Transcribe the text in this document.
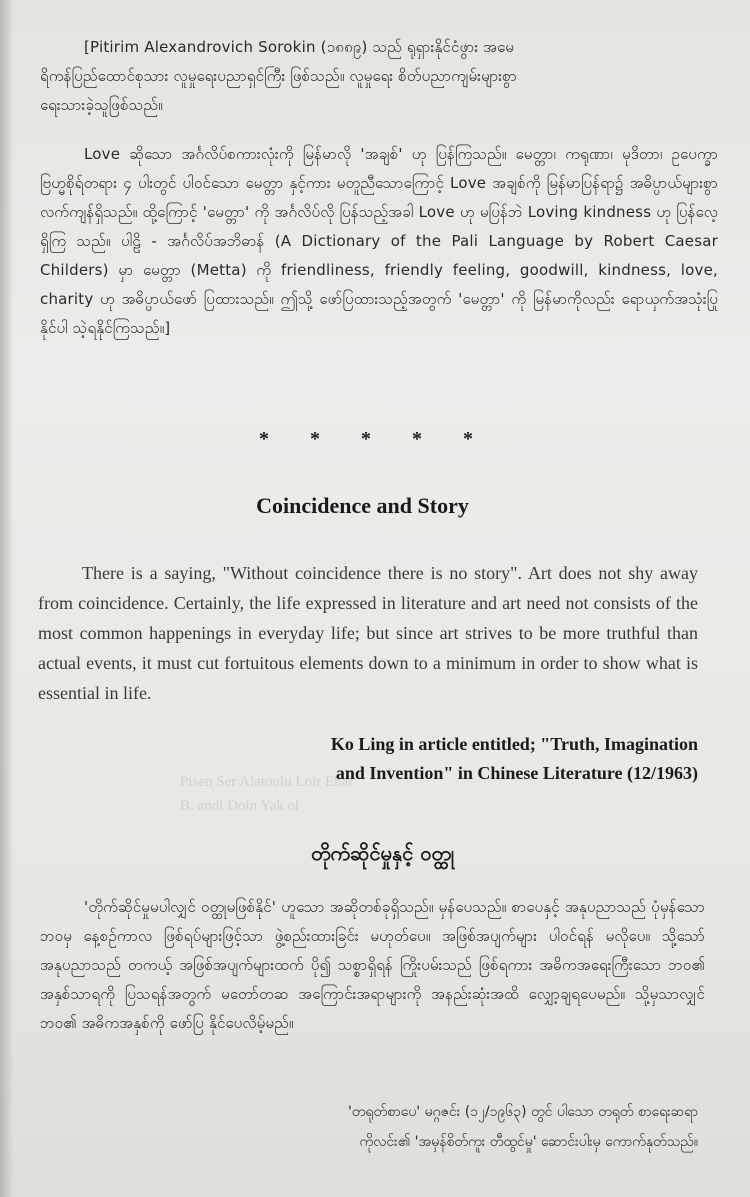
Pisen Ser Alatoulu Loir Ehar
B. andl Doin Yak ol
[Pitirim Alexandrovich Sorokin (၁၈၈၉) သည် ရုရှားနိုင်ငံဖွား အမေ
ရိကန်ပြည်ထောင်စုသား လူမှုရေးပညာရှင်ကြီး ဖြစ်သည်။ လူမှုရေး စိတ်ပညာကျမ်းများစွာ
ရေးသားခဲ့သူဖြစ်သည်။
Love ဆိုသော အင်္ဂလိပ်စကားလုံးကို မြန်မာလို 'အချစ်' ဟု ပြန်ကြသည်။ မေတ္တာ၊ ကရုဏာ၊ မုဒိတာ၊ ဥပေက္ခာ ဗြဟ္မစိုရ်တရား ၄ ပါးတွင် ပါဝင်သော မေတ္တာ နှင့်ကား မတူညီသောကြောင့် Love အချစ်ကို မြန်မာပြန်ရာ၌ အဓိပ္ပာယ်များစွာ လက်ကျန်ရှိသည်။ ထို့ကြောင့် 'မေတ္တာ' ကို အင်္ဂလိပ်လို ပြန်သည့်အခါ Love ဟု မပြန်ဘဲ Loving kindness ဟု ပြန်လေ့ရှိကြ သည်။ ပါဠိ - အင်္ဂလိပ်အဘိဓာန် (A Dictionary of the Pali Language by Robert Caesar Childers) မှာ မေတ္တာ (Metta) ကို friendliness, friendly feeling, goodwill, kindness, love, charity ဟု အဓိပ္ပာယ်ဖော် ပြထားသည်။ ဤသို့ ဖော်ပြထားသည့်အတွက် 'မေတ္တာ' ကို မြန်မာကိုလည်း ရောယှက်အသုံးပြုနိုင်ပါ သဲ့ရနိုင်ကြသည်။]
* * * * *
Coincidence and Story
There is a saying, "Without coincidence there is no story". Art does not shy away from coincidence. Certainly, the life expressed in literature and art need not consists of the most common happenings in everyday life; but since art strives to be more truthful than actual events, it must cut fortuitous elements down to a minimum in order to show what is essential in life.
Ko Ling in article entitled; "Truth, Imagination
and Invention" in Chinese Literature (12/1963)
တိုက်ဆိုင်မှုနှင့် ဝတ္ထု
'တိုက်ဆိုင်မှုမပါလျှင် ဝတ္ထုမဖြစ်နိုင်' ဟူသော အဆိုတစ်ခုရှိသည်။ မှန်ပေသည်။ စာပေနှင့် အနုပညာသည် ပုံမှန်သော ဘဝမှ နေ့စဉ်ကာလ ဖြစ်ရပ်များဖြင့်သာ ဖွဲ့စည်းထားခြင်း မဟုတ်ပေ။ အဖြစ်အပျက်များ ပါဝင်ရန် မလိုပေ။ သို့သော် အနုပညာသည် တကယ့် အဖြစ်အပျက်များထက် ပို၍ သစ္စာရှိရန် ကြိုးပမ်းသည် ဖြစ်ရကား အဓိကအရေးကြီးသော ဘဝ၏ အနှစ်သာရကို ပြသရန်အတွက် မတော်တဆ အကြောင်းအရာများကို အနည်းဆုံးအထိ လျှော့ချရပေမည်။ သို့မှသာလျှင် ဘဝ၏ အဓိကအနှစ်ကို ဖော်ပြ နိုင်ပေလိမ့်မည်။
'တရုတ်စာပေ' မဂ္ဂဇင်း (၁၂/၁၉၆၃) တွင် ပါသော တရုတ် စာရေးဆရာ
ကိုလင်း၏ 'အမှန်စိတ်ကူး တီထွင်မှု' ဆောင်းပါးမှ ကောက်နုတ်သည်။
